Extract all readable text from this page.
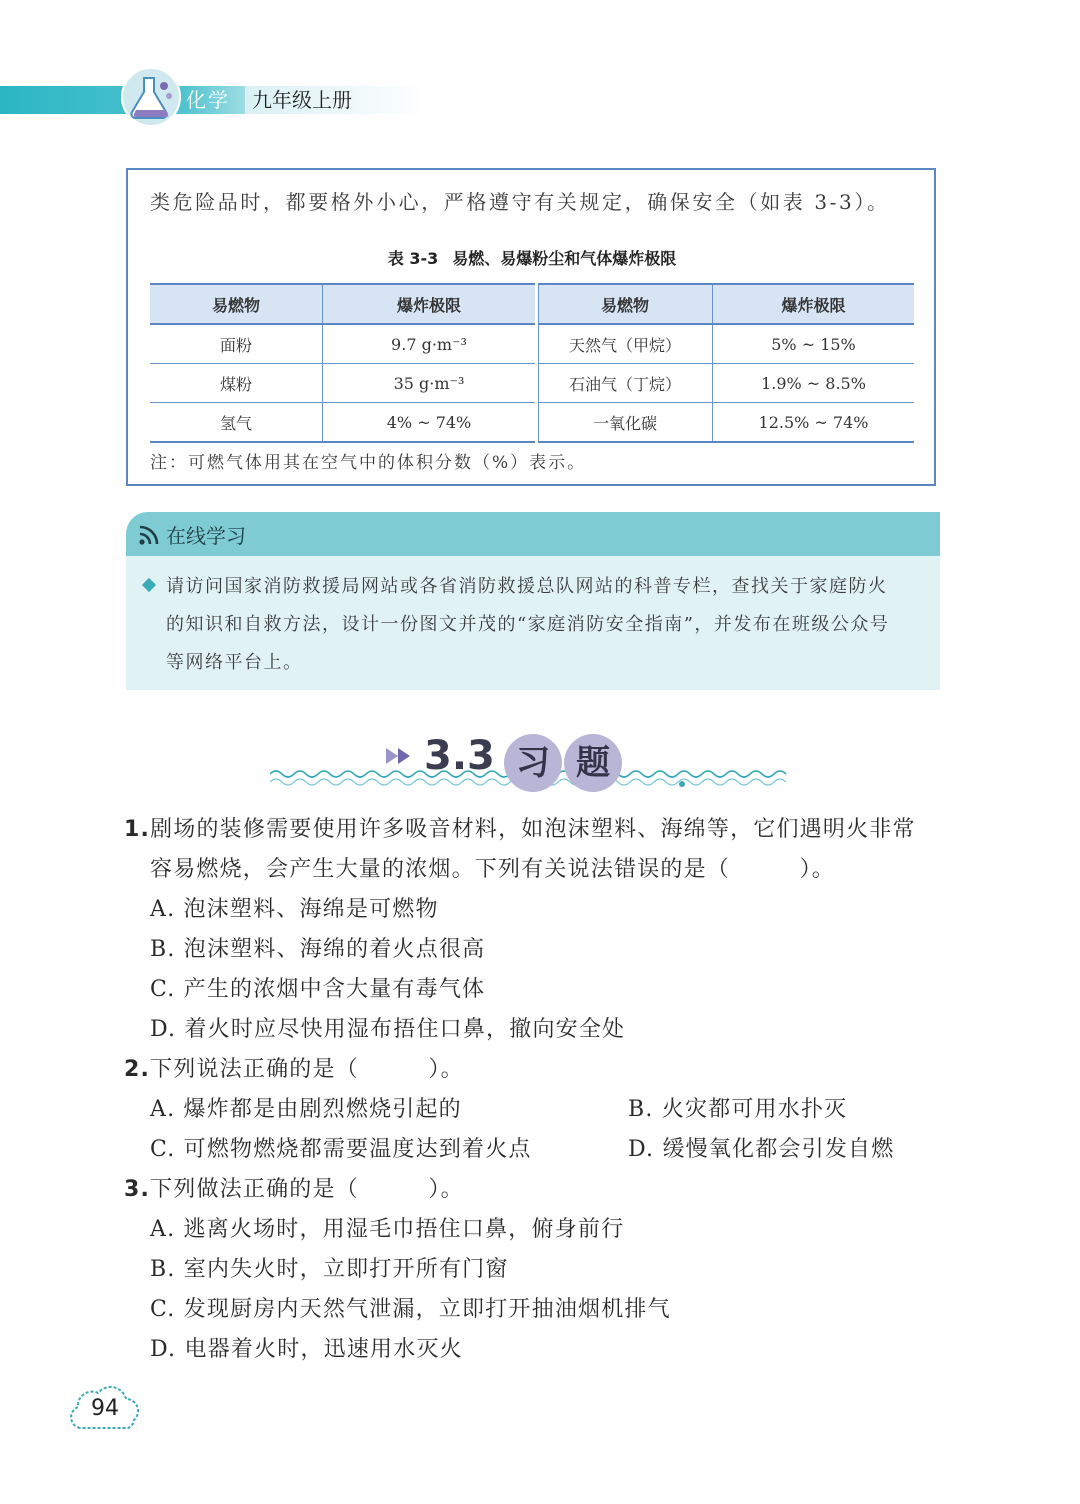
化学 九年级上册
类危险品时，都要格外小心，严格遵守有关规定，确保安全（如表 3-3）。
表 3-3 易燃、易爆粉尘和气体爆炸极限
易燃物	爆炸极限	易燃物	爆炸极限
面粉	9.7 g·m⁻³	天然气（甲烷）	5% ~ 15%
煤粉	35 g·m⁻³	石油气（丁烷）	1.9% ~ 8.5%
氢气	4% ~ 74%	一氧化碳	12.5% ~ 74%
注：可燃气体用其在空气中的体积分数（%）表示。
在线学习
请访问国家消防救援局网站或各省消防救援总队网站的科普专栏，查找关于家庭防火
的知识和自救方法，设计一份图文并茂的“家庭消防安全指南”，并发布在班级公众号
等网络平台上。
3.3 习 题
1.剧场的装修需要使用许多吸音材料，如泡沫塑料、海绵等，它们遇明火非常
容易燃烧，会产生大量的浓烟。下列有关说法错误的是（　　　）。
A. 泡沫塑料、海绵是可燃物
B. 泡沫塑料、海绵的着火点很高
C. 产生的浓烟中含大量有毒气体
D. 着火时应尽快用湿布捂住口鼻，撤向安全处
2.下列说法正确的是（　　　）。
A. 爆炸都是由剧烈燃烧引起的	B. 火灾都可用水扑灭
C. 可燃物燃烧都需要温度达到着火点	D. 缓慢氧化都会引发自燃
3.下列做法正确的是（　　　）。
A. 逃离火场时，用湿毛巾捂住口鼻，俯身前行
B. 室内失火时，立即打开所有门窗
C. 发现厨房内天然气泄漏，立即打开抽油烟机排气
D. 电器着火时，迅速用水灭火
94
